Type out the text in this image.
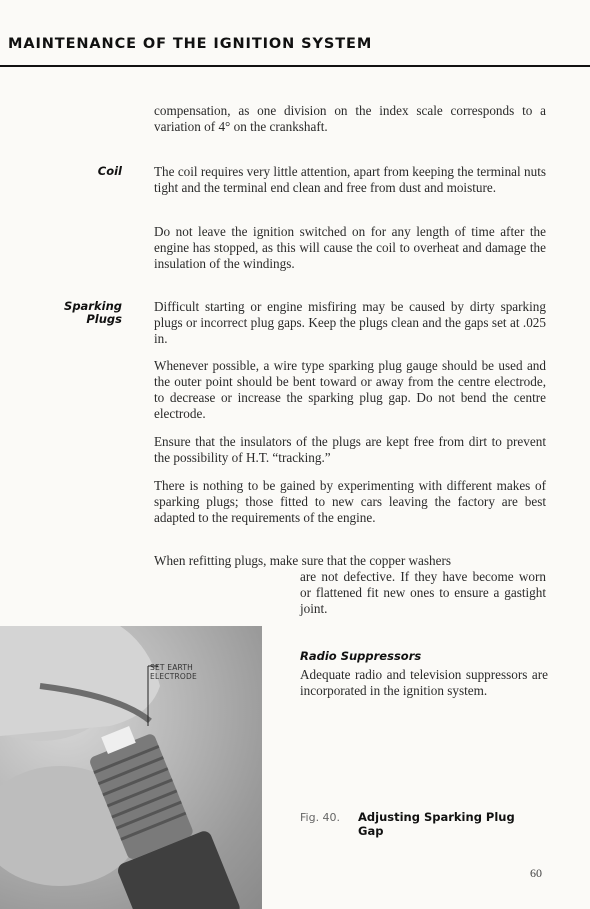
MAINTENANCE OF THE IGNITION SYSTEM
compensation, as one division on the index scale corresponds to a variation of 4° on the crankshaft.
Coil The coil requires very little attention, apart from keeping the terminal nuts tight and the terminal end clean and free from dust and moisture.
Do not leave the ignition switched on for any length of time after the engine has stopped, as this will cause the coil to overheat and damage the insulation of the windings.
Sparking
Plugs
Difficult starting or engine misfiring may be caused by dirty sparking plugs or incorrect plug gaps. Keep the plugs clean and the gaps set at .025 in.
Whenever possible, a wire type sparking plug gauge should be used and the outer point should be bent toward or away from the centre electrode, to decrease or increase the sparking plug gap. Do not bend the centre electrode.
Ensure that the insulators of the plugs are kept free from dirt to prevent the possibility of H.T. “tracking.”
There is nothing to be gained by experimenting with different makes of sparking plugs; those fitted to new cars leaving the factory are best adapted to the requirements of the engine.
When refitting plugs, make sure that the copper washers
are not defective. If they have become worn or flattened fit new ones to ensure a gastight joint.
SET EARTH
ELECTRODE
Radio Suppressors
Adequate radio and television suppressors are incorporated in the ignition system.
Fig. 40. Adjusting Sparking Plug Gap
60
